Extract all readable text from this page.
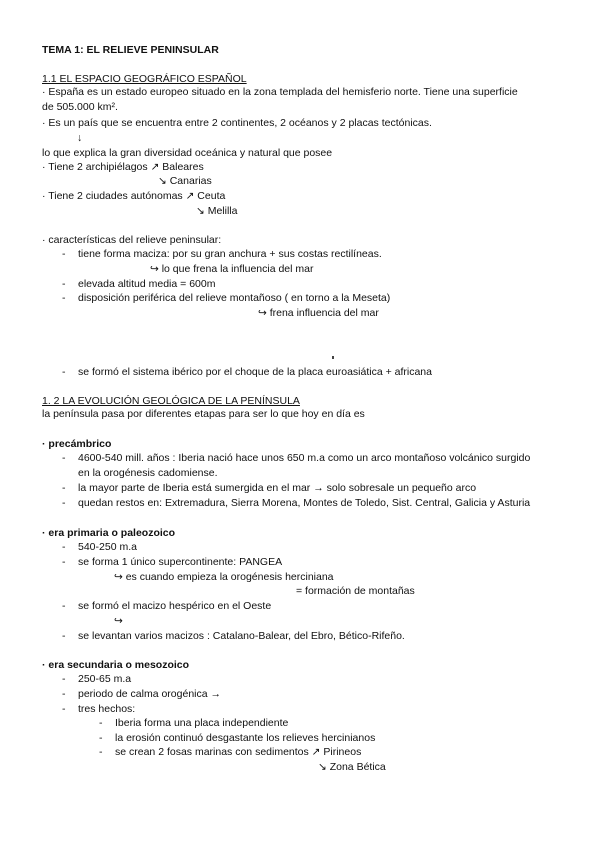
TEMA 1: EL RELIEVE PENINSULAR
1.1 EL ESPACIO GEOGRÁFICO ESPAÑOL
· España es un estado europeo situado en la zona templada del hemisferio norte. Tiene una superficie
de 505.000 km².
· Es un país que se encuentra entre 2 continentes, 2 océanos y 2 placas tectónicas.
↓
lo que explica la gran diversidad oceánica y natural que posee
· Tiene 2 archipiélagos ↗ Baleares
↘ Canarias
· Tiene 2 ciudades autónomas ↗ Ceuta
↘ Melilla
· características del relieve peninsular:
- tiene forma maciza: por su gran anchura + sus costas rectilíneas.
↪ lo que frena la influencia del mar
- elevada altitud media = 600m
- disposición periférica del relieve montañoso ( en torno a la Meseta)
↪ frena influencia del mar
- se formó el sistema ibérico por el choque de la placa euroasiática + africana
1. 2 LA EVOLUCIÓN GEOLÓGICA DE LA PENÍNSULA
la península pasa por diferentes etapas para ser lo que hoy en día es
· precámbrico
- 4600-540 mill. años : Iberia nació hace unos 650 m.a como un arco montañoso volcánico surgido
en la orogénesis cadomiense.
- la mayor parte de Iberia está sumergida en el mar → solo sobresale un pequeño arco
- quedan restos en: Extremadura, Sierra Morena, Montes de Toledo, Sist. Central, Galicia y Asturia
· era primaria o paleozoico
- 540-250 m.a
- se forma 1 único supercontinente: PANGEA
↪ es cuando empieza la orogénesis herciniana
= formación de montañas
- se formó el macizo hespérico en el Oeste
↪
- se levantan varios macizos : Catalano-Balear, del Ebro, Bético-Rifeño.
· era secundaria o mesozoico
- 250-65 m.a
- periodo de calma orogénica →
- tres hechos:
- Iberia forma una placa independiente
- la erosión continuó desgastante los relieves hercinianos
- se crean 2 fosas marinas con sedimentos ↗ Pirineos
↘ Zona Bética
